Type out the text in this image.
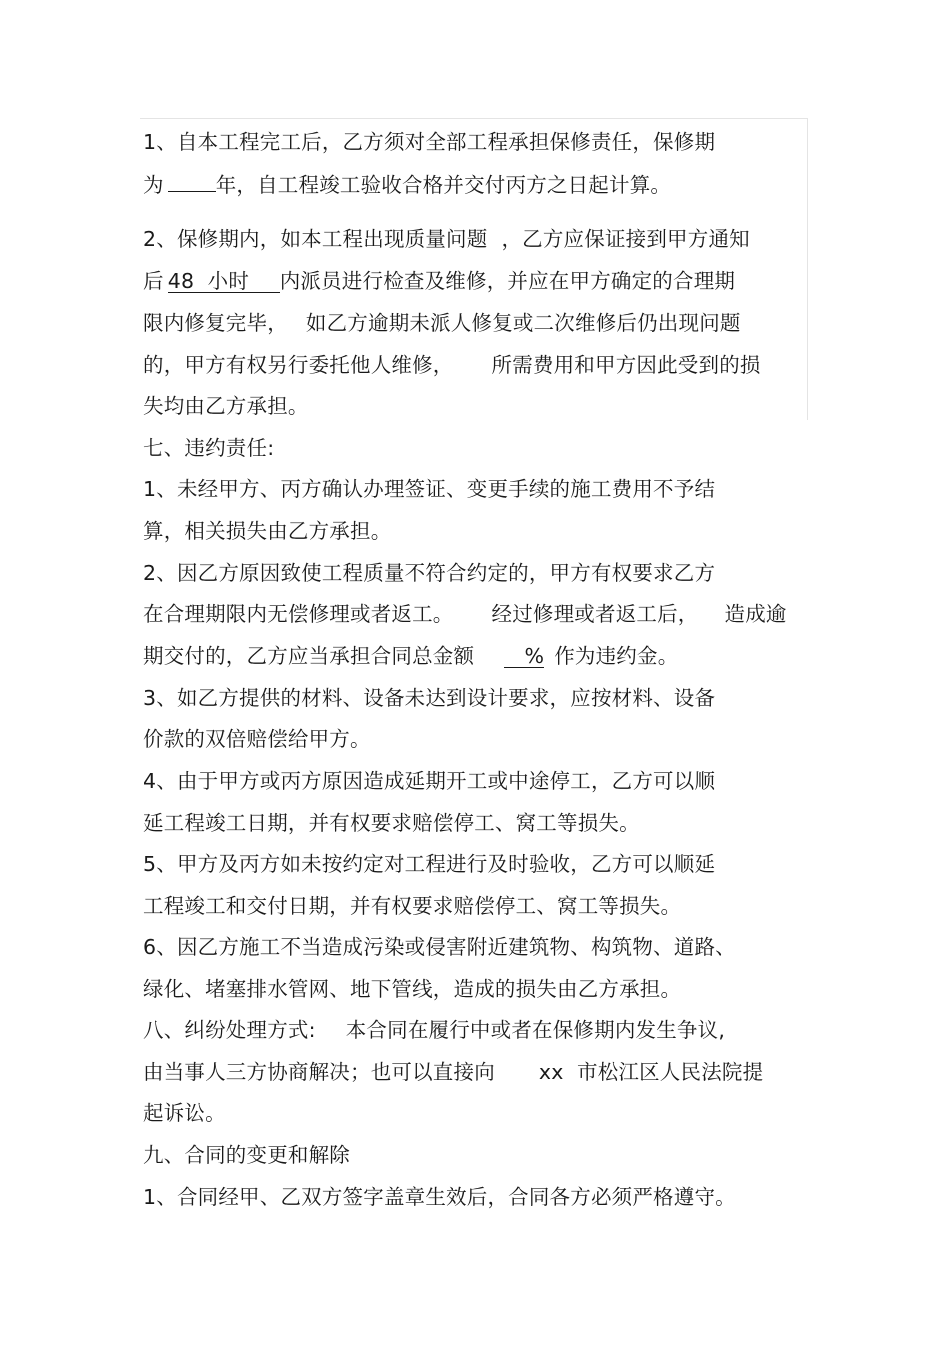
1、自本工程完工后，乙方须对全部工程承担保修责任，保修期
为	年，自工程竣工验收合格并交付丙方之日起计算。
2、保修期内，如本工程出现质量问题 ，乙方应保证接到甲方通知
后 48  小时 内派员进行检查及维修，并应在甲方确定的合理期
限内修复完毕， 如乙方逾期未派人修复或二次维修后仍出现问题
的，甲方有权另行委托他人维修， 所需费用和甲方因此受到的损
失均由乙方承担。
七、违约责任:
1、未经甲方、丙方确认办理签证、变更手续的施工费用不予结
算，相关损失由乙方承担。
2、因乙方原因致使工程质量不符合约定的，甲方有权要求乙方
在合理期限内无偿修理或者返工。 经过修理或者返工后， 造成逾
期交付的，乙方应当承担合同总金额 % 作为违约金。
3、如乙方提供的材料、设备未达到设计要求，应按材料、设备
价款的双倍赔偿给甲方。
4、由于甲方或丙方原因造成延期开工或中途停工，乙方可以顺
延工程竣工日期，并有权要求赔偿停工、窝工等损失。
5、甲方及丙方如未按约定对工程进行及时验收，乙方可以顺延
工程竣工和交付日期，并有权要求赔偿停工、窝工等损失。
6、因乙方施工不当造成污染或侵害附近建筑物、构筑物、道路、
绿化、堵塞排水管网、地下管线，造成的损失由乙方承担。
八、纠纷处理方式: 本合同在履行中或者在保修期内发生争议,
由当事人三方协商解决；也可以直接向 xx  市松江区人民法院提
起诉讼。
九、合同的变更和解除
1、合同经甲、乙双方签字盖章生效后，合同各方必须严格遵守。
